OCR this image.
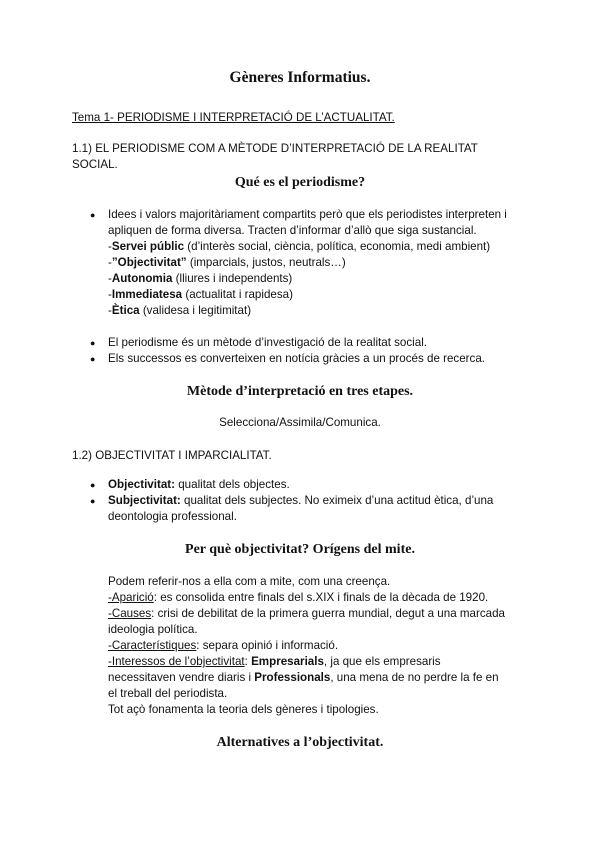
Gèneres Informatius.
Tema 1- PERIODISME I INTERPRETACIÓ DE L’ACTUALITAT.
1.1) EL PERIODISME COM A MÈTODE D’INTERPRETACIÓ DE LA REALITAT
SOCIAL.
Qué es el periodisme?
● Idees i valors majoritàriament compartits però que els periodistes interpreten i
apliquen de forma diversa. Tracten d’informar d’allò que siga sustancial.
-Servei públic (d’interès social, ciència, política, economia, medi ambient)
-”Objectivitat” (imparcials, justos, neutrals…)
-Autonomia (lliures i independents)
-Immediatesa (actualitat i rapidesa)
-Ètica (validesa i legitimitat)
● El periodisme és un mètode d’investigació de la realitat social.
● Els successos es converteixen en notícia gràcies a un procés de recerca.
Mètode d’interpretació en tres etapes.
Selecciona/Assimila/Comunica.
1.2) OBJECTIVITAT I IMPARCIALITAT.
● Objectivitat: qualitat dels objectes.
● Subjectivitat: qualitat dels subjectes. No eximeix d’una actitud ètica, d’una
deontologia professional.
Per què objectivitat? Orígens del mite.
Podem referir-nos a ella com a mite, com una creença.
-Aparició: es consolida entre finals del s.XIX i finals de la dècada de 1920.
-Causes: crisi de debilitat de la primera guerra mundial, degut a una marcada
ideologia política.
-Característiques: separa opinió i informació.
-Interessos de l’objectivitat: Empresarials, ja que els empresaris
necessitaven vendre diaris i Professionals, una mena de no perdre la fe en
el treball del periodista.
Tot açò fonamenta la teoria dels gèneres i tipologies.
Alternatives a l’objectivitat.
